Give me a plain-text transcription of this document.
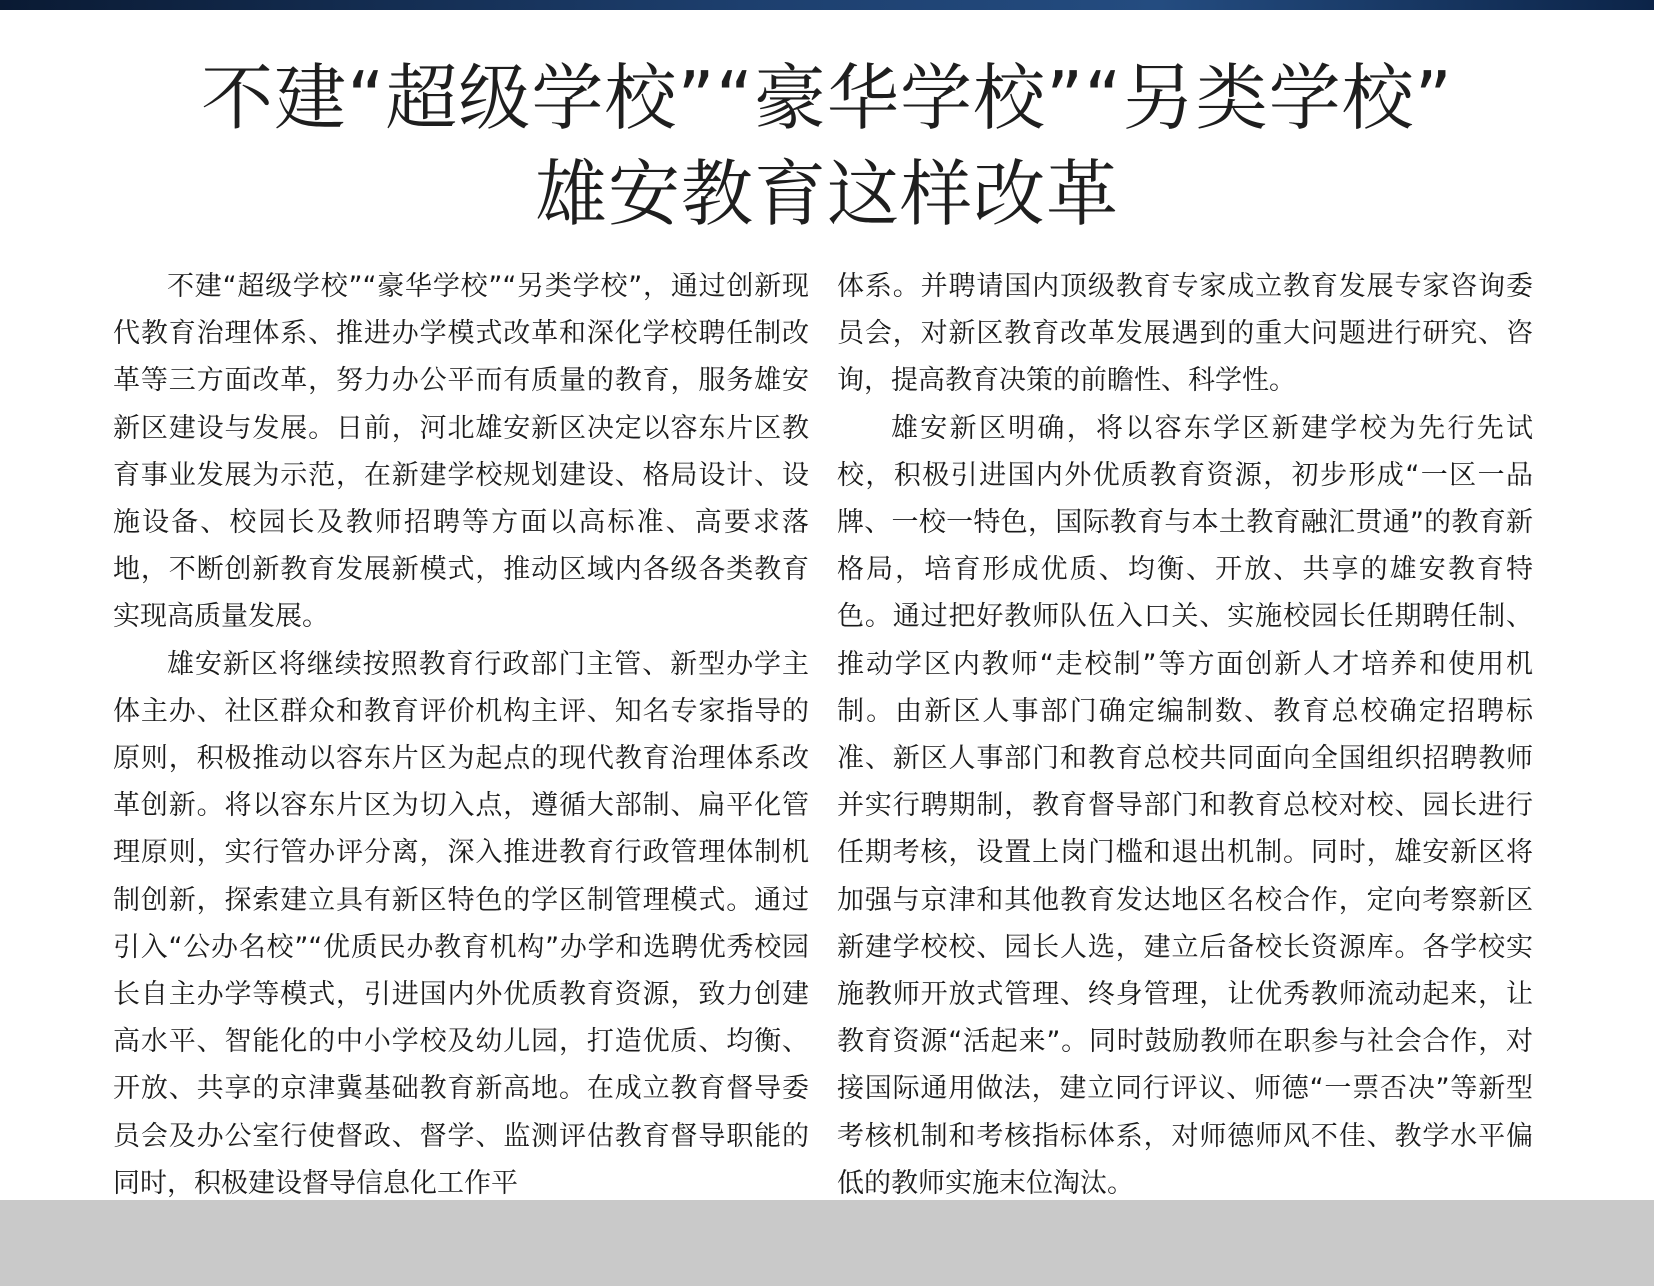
不建“超级学校”“豪华学校”“另类学校”
雄安教育这样改革

不建“超级学校”“豪华学校”“另类学校”，通过创新现代教育治理体系、推进办学模式改革和深化学校聘任制改革等三方面改革，努力办公平而有质量的教育，服务雄安新区建设与发展。日前，河北雄安新区决定以容东片区教育事业发展为示范，在新建学校规划建设、格局设计、设施设备、校园长及教师招聘等方面以高标准、高要求落地，不断创新教育发展新模式，推动区域内各级各类教育实现高质量发展。

雄安新区将继续按照教育行政部门主管、新型办学主体主办、社区群众和教育评价机构主评、知名专家指导的原则，积极推动以容东片区为起点的现代教育治理体系改革创新。将以容东片区为切入点，遵循大部制、扁平化管理原则，实行管办评分离，深入推进教育行政管理体制机制创新，探索建立具有新区特色的学区制管理模式。通过引入“公办名校”“优质民办教育机构”办学和选聘优秀校园长自主办学等模式，引进国内外优质教育资源，致力创建高水平、智能化的中小学校及幼儿园，打造优质、均衡、开放、共享的京津冀基础教育新高地。在成立教育督导委员会及办公室行使督政、督学、监测评估教育督导职能的同时，积极建设督导信息化工作平

体系。并聘请国内顶级教育专家成立教育发展专家咨询委员会，对新区教育改革发展遇到的重大问题进行研究、咨询，提高教育决策的前瞻性、科学性。

雄安新区明确，将以容东学区新建学校为先行先试校，积极引进国内外优质教育资源，初步形成“一区一品牌、一校一特色，国际教育与本土教育融汇贯通”的教育新格局，培育形成优质、均衡、开放、共享的雄安教育特色。通过把好教师队伍入口关、实施校园长任期聘任制、推动学区内教师“走校制”等方面创新人才培养和使用机制。由新区人事部门确定编制数、教育总校确定招聘标准、新区人事部门和教育总校共同面向全国组织招聘教师并实行聘期制，教育督导部门和教育总校对校、园长进行任期考核，设置上岗门槛和退出机制。同时，雄安新区将加强与京津和其他教育发达地区名校合作，定向考察新区新建学校校、园长人选，建立后备校长资源库。各学校实施教师开放式管理、终身管理，让优秀教师流动起来，让教育资源“活起来”。同时鼓励教师在职参与社会合作，对接国际通用做法，建立同行评议、师德“一票否决”等新型考核机制和考核指标体系，对师德师风不佳、教学水平偏低的教师实施末位淘汰。
